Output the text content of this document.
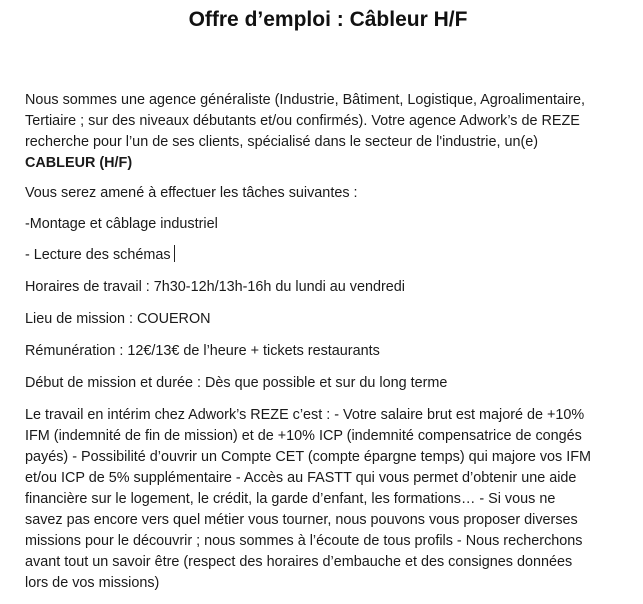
Offre d’emploi : Câbleur H/F

Nous sommes une agence généraliste (Industrie, Bâtiment, Logistique, Agroalimentaire,
Tertiaire ; sur des niveaux débutants et/ou confirmés). Votre agence Adwork’s de REZE
recherche pour l’un de ses clients, spécialisé dans le secteur de l'industrie, un(e)
CABLEUR (H/F)

Vous serez amené à effectuer les tâches suivantes :

-Montage et câblage industriel

- Lecture des schémas

Horaires de travail : 7h30-12h/13h-16h du lundi au vendredi

Lieu de mission : COUERON

Rémunération : 12€/13€ de l’heure + tickets restaurants

Début de mission et durée : Dès que possible et sur du long terme

Le travail en intérim chez Adwork’s REZE c’est : - Votre salaire brut est majoré de +10%
IFM (indemnité de fin de mission) et de +10% ICP (indemnité compensatrice de congés
payés) - Possibilité d’ouvrir un Compte CET (compte épargne temps) qui majore vos IFM
et/ou ICP de 5% supplémentaire - Accès au FASTT qui vous permet d’obtenir une aide
financière sur le logement, le crédit, la garde d’enfant, les formations… - Si vous ne
savez pas encore vers quel métier vous tourner, nous pouvons vous proposer diverses
missions pour le découvrir ; nous sommes à l’écoute de tous profils - Nous recherchons
avant tout un savoir être (respect des horaires d’embauche et des consignes données
lors de vos missions)
